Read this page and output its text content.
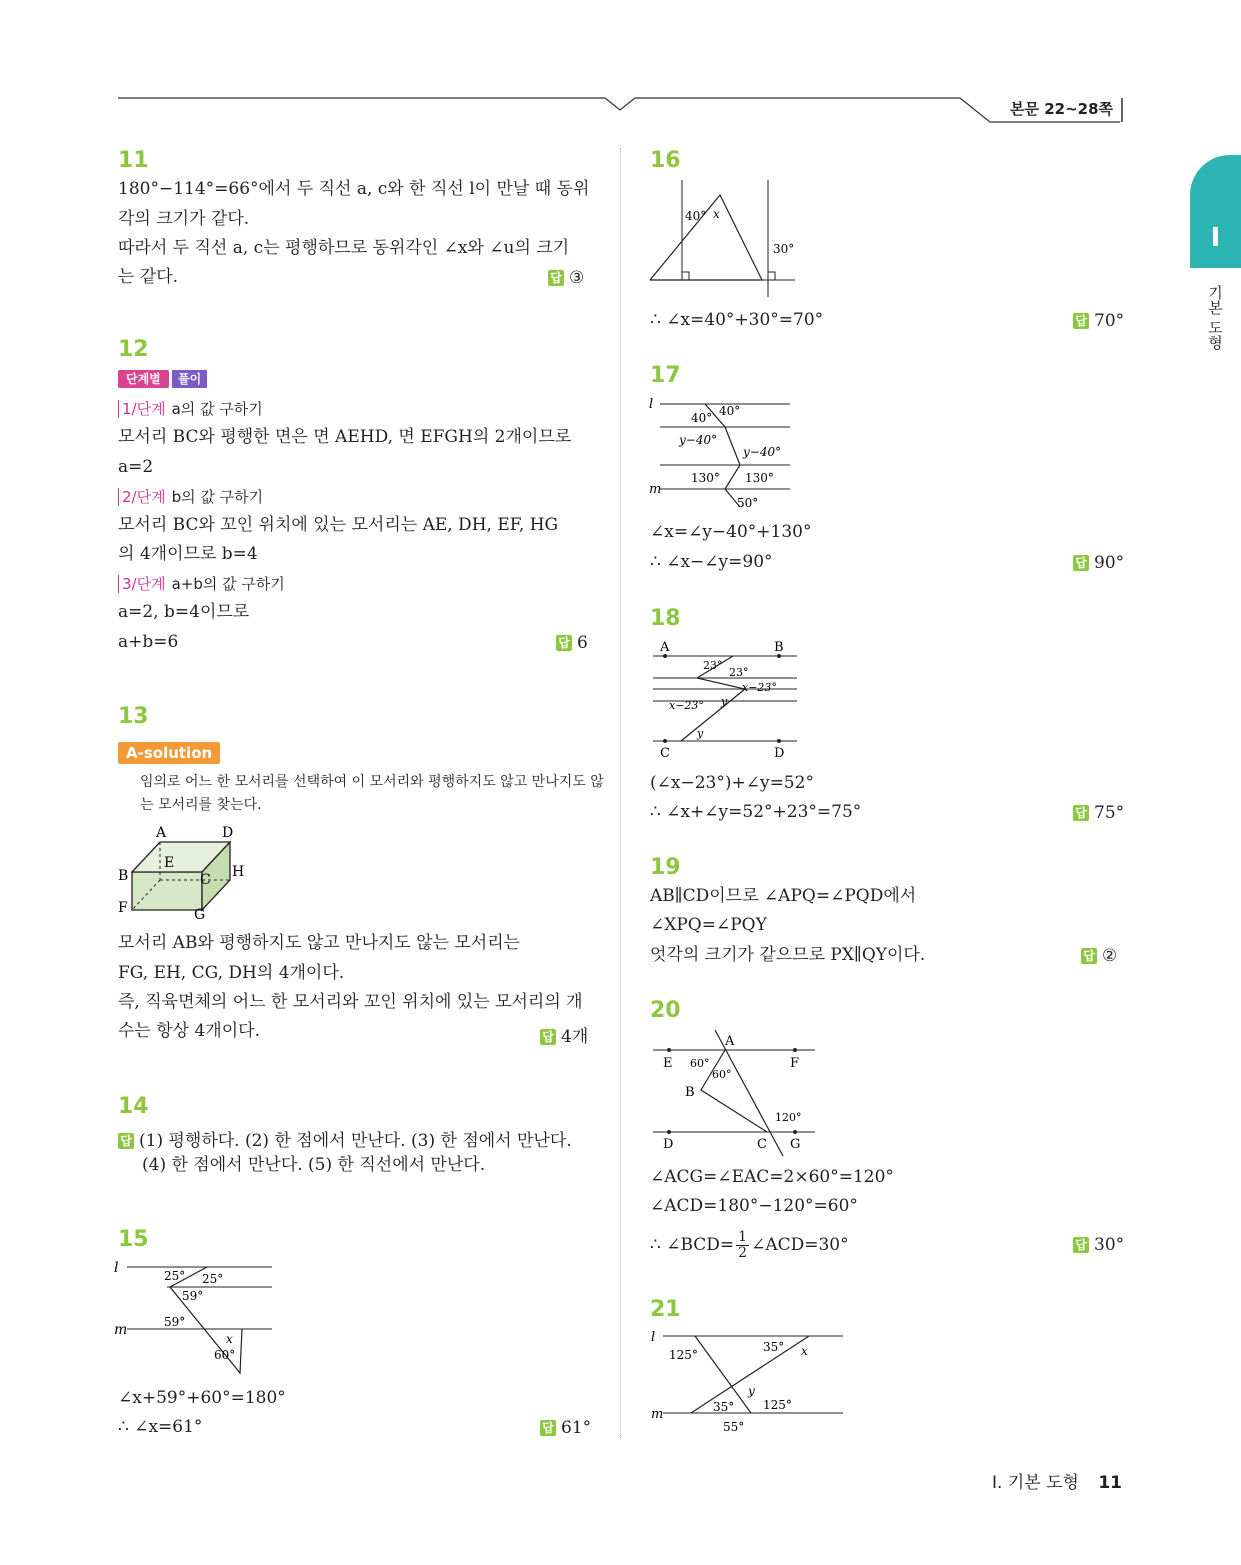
본문 22~28쪽
I
기본 도형
11
180°−114°=66°에서 두 직선 a, c와 한 직선 l이 만날 때 동위
각의 크기가 같다.
따라서 두 직선 a, c는 평행하므로 동위각인 ∠x와 ∠u의 크기
는 같다.	답 ③
12
단계별	풀이
1/단계 a의 값 구하기
모서리 BC와 평행한 면은 면 AEHD, 면 EFGH의 2개이므로
a=2
2/단계 b의 값 구하기
모서리 BC와 꼬인 위치에 있는 모서리는 AE, DH, EF, HG
의 4개이므로 b=4
3/단계 a+b의 값 구하기
a=2, b=4이므로
a+b=6	답 6
13
A-solution
임의로 어느 한 모서리를 선택하여 이 모서리와 평행하지도 않고 만나지도 않
는 모서리를 찾는다.
A	D
E
B	C H
F	G
모서리 AB와 평행하지도 않고 만나지도 않는 모서리는
FG, EH, CG, DH의 4개이다.
즉, 직육면체의 어느 한 모서리와 꼬인 위치에 있는 모서리의 개
수는 항상 4개이다.	답 4개
14
답 (1) 평행하다. (2) 한 점에서 만난다. (3) 한 점에서 만난다.
(4) 한 점에서 만난다. (5) 한 직선에서 만난다.
15
l
m
25° 25°
59°
59°
x
60°
∠x+59°+60°=180°
∴ ∠x=61°	답 61°
16
40° x
30°
∴ ∠x=40°+30°=70°	답 70°
17
l
m
40° 40°
y−40°
y−40°
130° 130°
50°
∠x=∠y−40°+130°
∴ ∠x−∠y=90°	답 90°
18
A	B
C	D
23°
23°
x−23°
x−23° y
y
(∠x−23°)+∠y=52°
∴ ∠x+∠y=52°+23°=75°	답 75°
19
AB∥CD이므로 ∠APQ=∠PQD에서
∠XPQ=∠PQY
엇각의 크기가 같으므로 PX∥QY이다.	답 ②
20
A
E	F
B
D	C G
60°
60°
120°
∠ACG=∠EAC=2×60°=120°
∠ACD=180°−120°=60°
∴ ∠BCD= $\frac{1}{2}$ ∠ACD=30°	답 30°
21
l
m
125°
35° x
y
35° 125°
55°
I. 기본 도형 11
